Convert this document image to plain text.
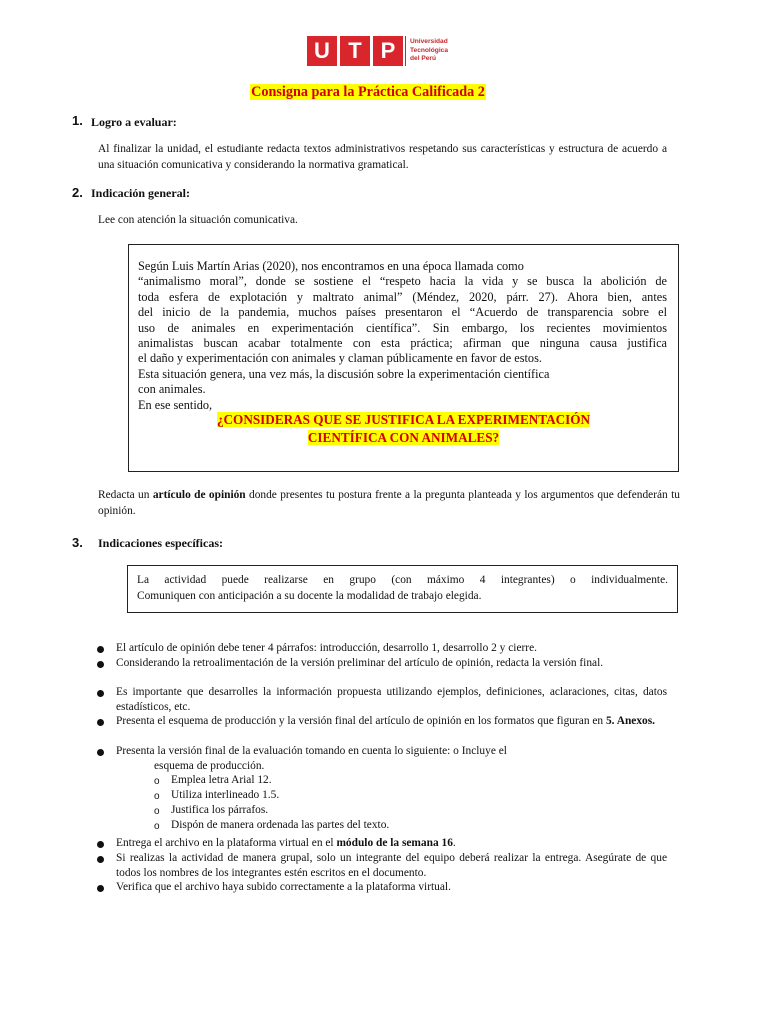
U T P	Universidad
Tecnológica
del Perú
Consigna para la Práctica Calificada 2
1. Logro a evaluar:
Al finalizar la unidad, el estudiante redacta textos administrativos respetando sus características y estructura de acuerdo a una situación comunicativa y considerando la normativa gramatical.
2. Indicación general:
Lee con atención la situación comunicativa.
Según Luis Martín Arias (2020), nos encontramos en una época llamada como
“animalismo moral”, donde se sostiene el “respeto hacia la vida y se busca la abolición de
toda esfera de explotación y maltrato animal” (Méndez, 2020, párr. 27). Ahora bien, antes
del inicio de la pandemia, muchos países presentaron el “Acuerdo de transparencia sobre el
uso de animales en experimentación científica”. Sin embargo, los recientes movimientos
animalistas buscan acabar totalmente con esta práctica; afirman que ninguna causa justifica
el daño y experimentación con animales y claman públicamente en favor de estos.
Esta situación genera, una vez más, la discusión sobre la experimentación científica
con animales.
En ese sentido,
¿CONSIDERAS QUE SE JUSTIFICA LA EXPERIMENTACIÓN
CIENTÍFICA CON ANIMALES?
Redacta un artículo de opinión donde presentes tu postura frente a la pregunta planteada y los argumentos que defenderán tu opinión.
3. Indicaciones específicas:
La actividad puede realizarse en grupo (con máximo 4 integrantes) o individualmente.
Comuniquen con anticipación a su docente la modalidad de trabajo elegida.
El artículo de opinión debe tener 4 párrafos: introducción, desarrollo 1, desarrollo 2 y cierre.
Considerando la retroalimentación de la versión preliminar del artículo de opinión, redacta la versión final.
Es importante que desarrolles la información propuesta utilizando ejemplos, definiciones, aclaraciones, citas, datos estadísticos, etc.
Presenta el esquema de producción y la versión final del artículo de opinión en los formatos que figuran en 5. Anexos.
Presenta la versión final de la evaluación tomando en cuenta lo siguiente: o Incluye el
esquema de producción.
o Emplea letra Arial 12.
o Utiliza interlineado 1.5.
o Justifica los párrafos.
o Dispón de manera ordenada las partes del texto.
Entrega el archivo en la plataforma virtual en el módulo de la semana 16.
Si realizas la actividad de manera grupal, solo un integrante del equipo deberá realizar la entrega. Asegúrate de que todos los nombres de los integrantes estén escritos en el documento.
Verifica que el archivo haya subido correctamente a la plataforma virtual.
